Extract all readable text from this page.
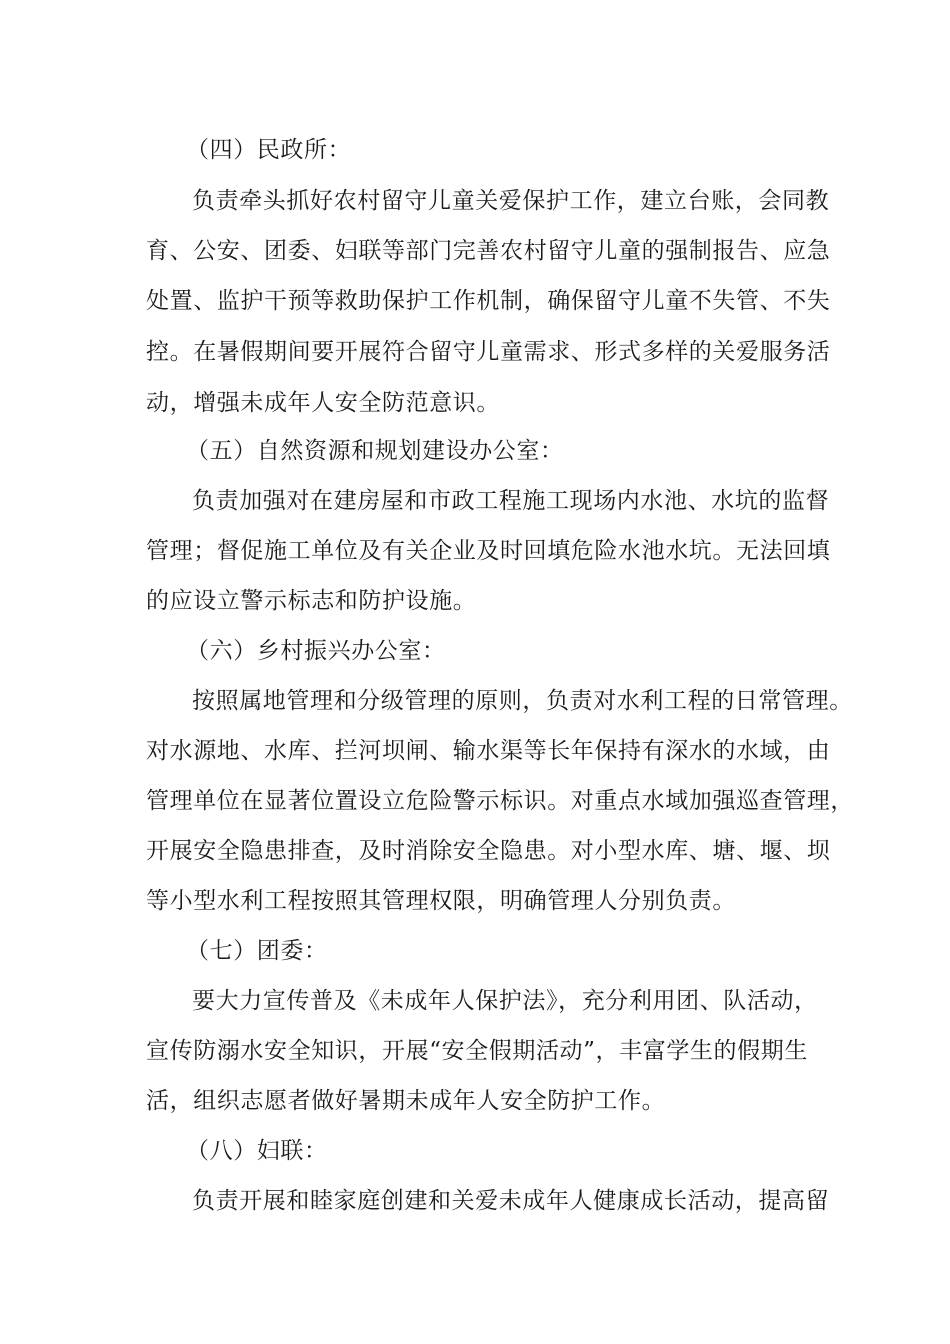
（四）民政所：
负责牵头抓好农村留守儿童关爱保护工作，建立台账，会同教
育、公安、团委、妇联等部门完善农村留守儿童的强制报告、应急
处置、监护干预等救助保护工作机制，确保留守儿童不失管、不失
控。在暑假期间要开展符合留守儿童需求、形式多样的关爱服务活
动，增强未成年人安全防范意识。
（五）自然资源和规划建设办公室：
负责加强对在建房屋和市政工程施工现场内水池、水坑的监督
管理；督促施工单位及有关企业及时回填危险水池水坑。无法回填
的应设立警示标志和防护设施。
（六）乡村振兴办公室：
按照属地管理和分级管理的原则，负责对水利工程的日常管理。
对水源地、水库、拦河坝闸、输水渠等长年保持有深水的水域，由
管理单位在显著位置设立危险警示标识。对重点水域加强巡查管理，
开展安全隐患排查，及时消除安全隐患。对小型水库、塘、堰、坝
等小型水利工程按照其管理权限，明确管理人分别负责。
（七）团委：
要大力宣传普及《未成年人保护法》，充分利用团、队活动，
宣传防溺水安全知识，开展“安全假期活动”，丰富学生的假期生
活，组织志愿者做好暑期未成年人安全防护工作。
（八）妇联：
负责开展和睦家庭创建和关爱未成年人健康成长活动，提高留
